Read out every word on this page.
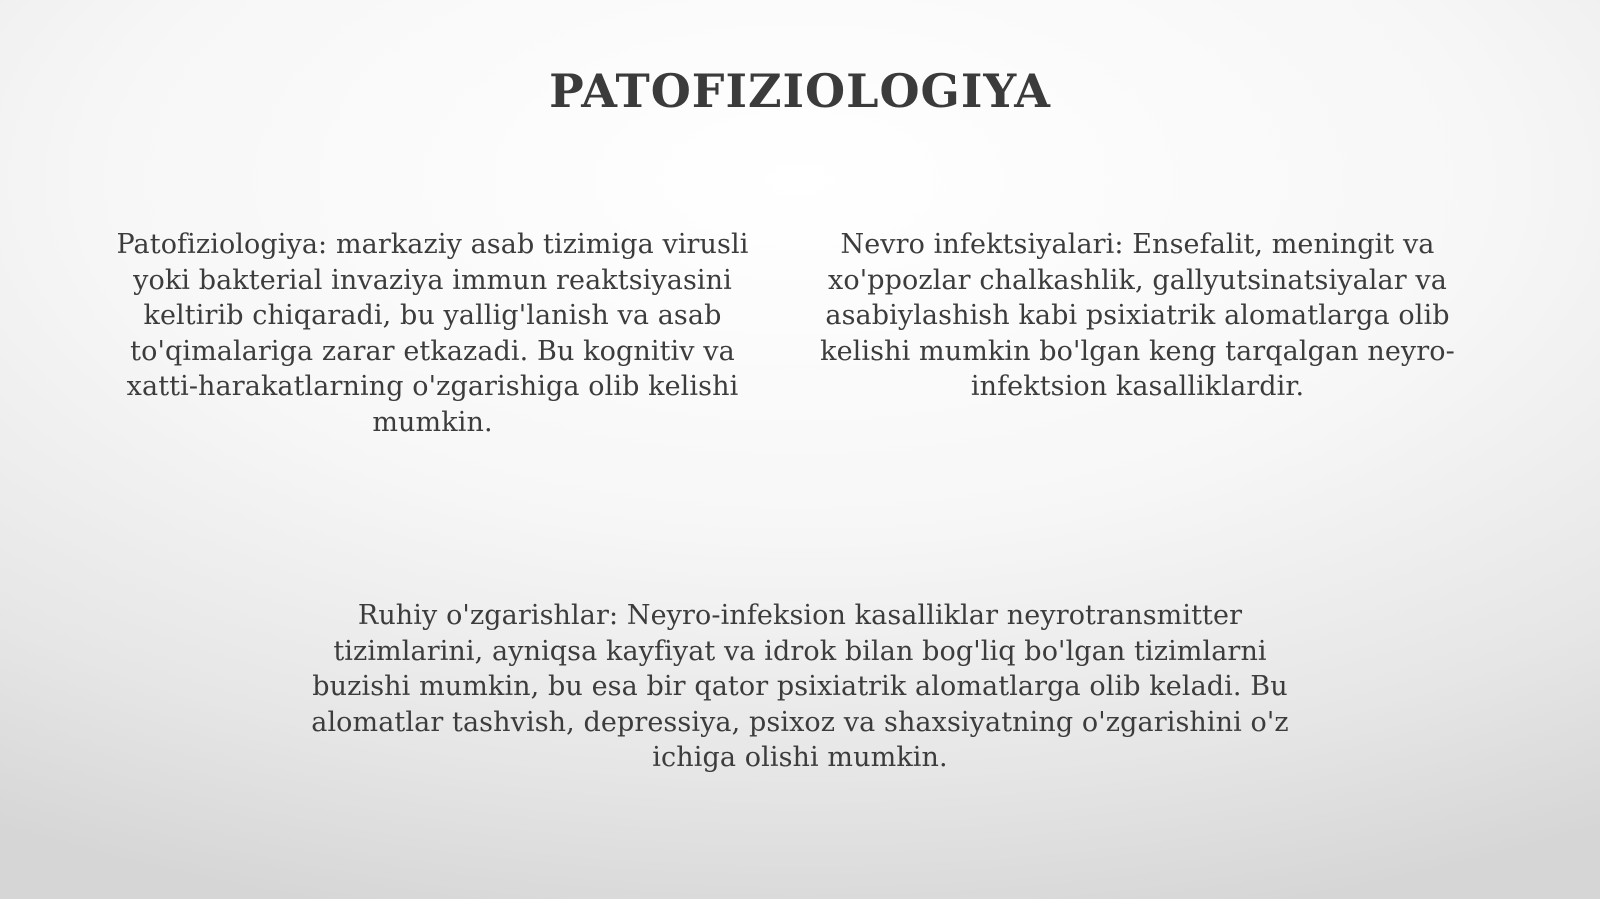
PATOFIZIOLOGIYA

Patofiziologiya: markaziy asab tizimiga virusli yoki bakterial invaziya immun reaktsiyasini keltirib chiqaradi, bu yallig'lanish va asab to'qimalariga zarar etkazadi. Bu kognitiv va xatti-harakatlarning o'zgarishiga olib kelishi mumkin.

Nevro infektsiyalari: Ensefalit, meningit va xo'ppozlar chalkashlik, gallyutsinatsiyalar va asabiylashish kabi psixiatrik alomatlarga olib kelishi mumkin bo'lgan keng tarqalgan neyro-infektsion kasalliklardir.

Ruhiy o'zgarishlar: Neyro-infeksion kasalliklar neyrotransmitter tizimlarini, ayniqsa kayfiyat va idrok bilan bog'liq bo'lgan tizimlarni buzishi mumkin, bu esa bir qator psixiatrik alomatlarga olib keladi. Bu alomatlar tashvish, depressiya, psixoz va shaxsiyatning o'zgarishini o'z ichiga olishi mumkin.
